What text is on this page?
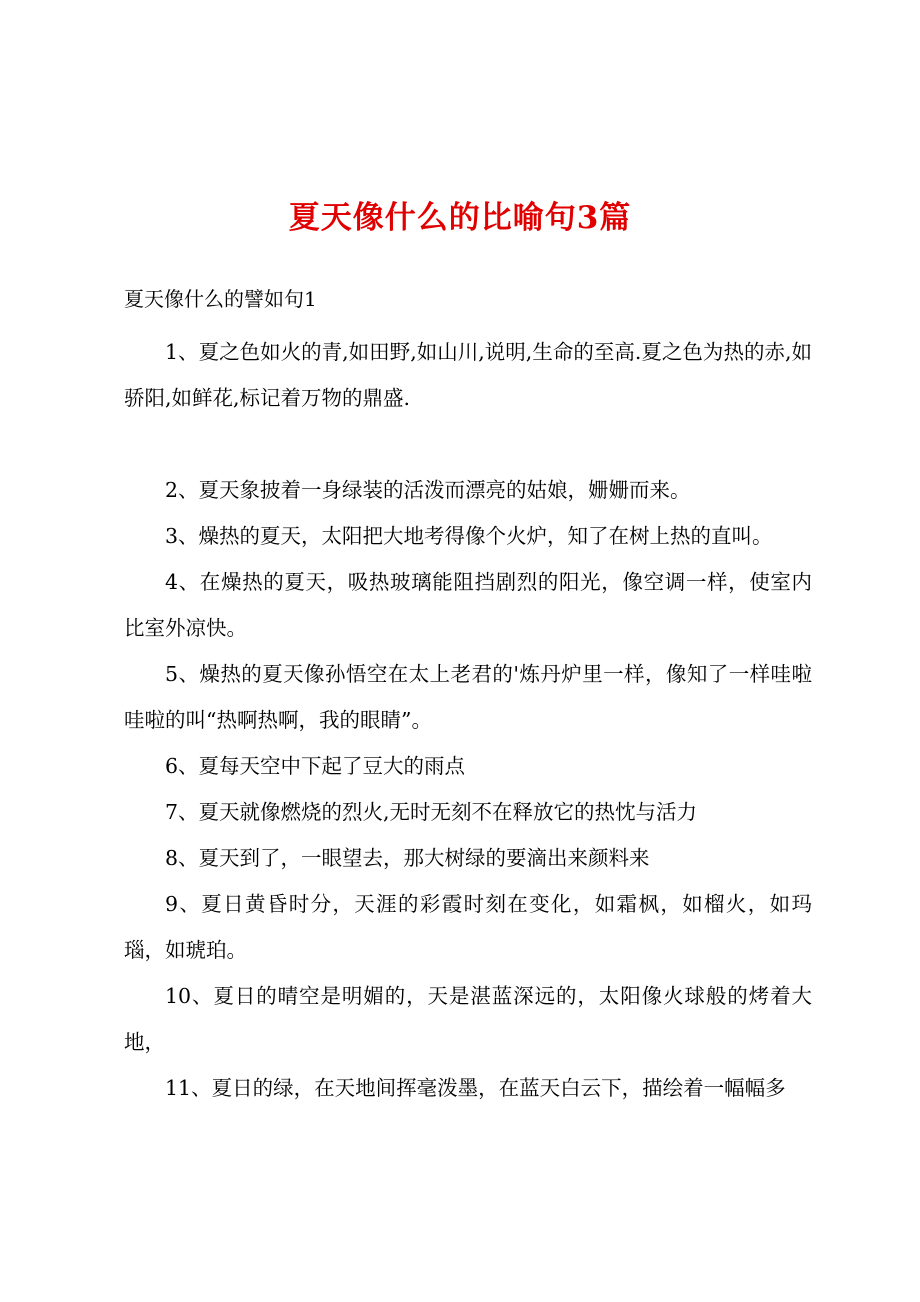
夏天像什么的比喻句3篇
夏天像什么的譬如句1

1、夏之色如火的青,如田野,如山川,说明,生命的至高.夏之色为热的赤,如骄阳,如鲜花,标记着万物的鼎盛.

2、夏天象披着一身绿装的活泼而漂亮的姑娘，姗姗而来。

3、燥热的夏天，太阳把大地考得像个火炉，知了在树上热的直叫。

4、在燥热的夏天，吸热玻璃能阻挡剧烈的阳光，像空调一样，使室内比室外凉快。

5、燥热的夏天像孙悟空在太上老君的'炼丹炉里一样，像知了一样哇啦哇啦的叫“热啊热啊，我的眼睛”。

6、夏每天空中下起了豆大的雨点

7、夏天就像燃烧的烈火,无时无刻不在释放它的热忱与活力

8、夏天到了，一眼望去，那大树绿的要滴出来颜料来

9、夏日黄昏时分，天涯的彩霞时刻在变化，如霜枫，如榴火，如玛瑙，如琥珀。

10、夏日的晴空是明媚的，天是湛蓝深远的，太阳像火球般的烤着大地，

11、夏日的绿，在天地间挥毫泼墨，在蓝天白云下，描绘着一幅幅多
